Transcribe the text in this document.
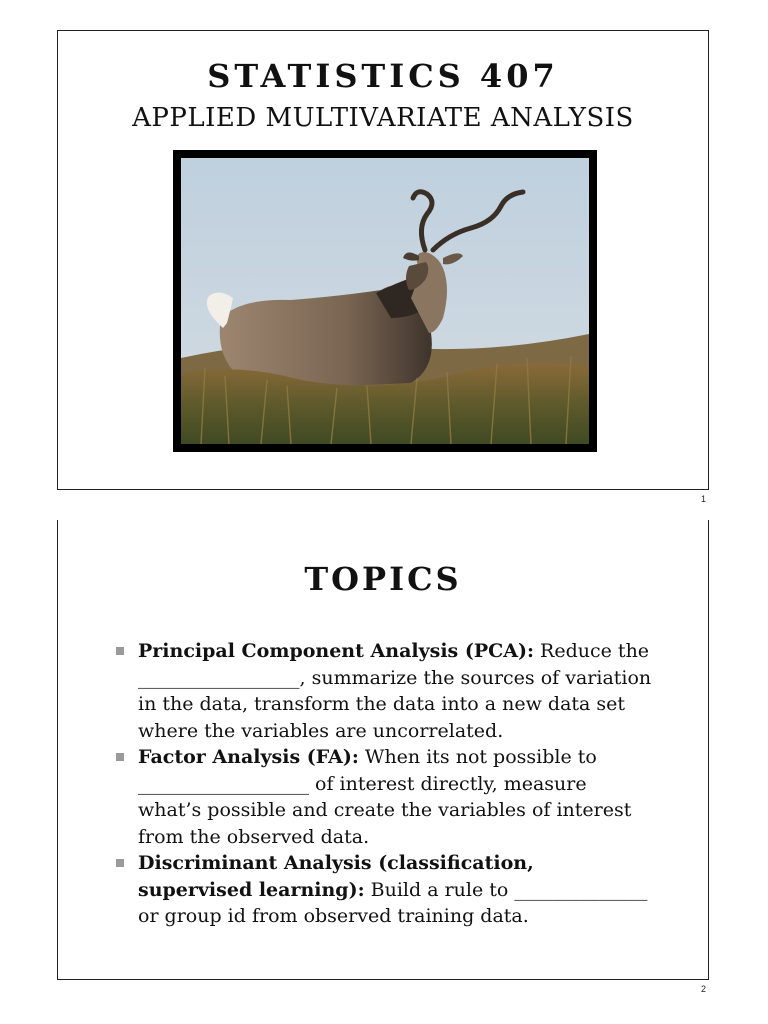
STATISTICS 407
APPLIED MULTIVARIATE ANALYSIS
1
TOPICS
Principal Component Analysis (PCA): Reduce the _________________, summarize the sources of variation in the data, transform the data into a new data set where the variables are uncorrelated.
Factor Analysis (FA): When its not possible to __________________ of interest directly, measure what’s possible and create the variables of interest from the observed data.
Discriminant Analysis (classification, supervised learning): Build a rule to ______________ or group id from observed training data.
2
